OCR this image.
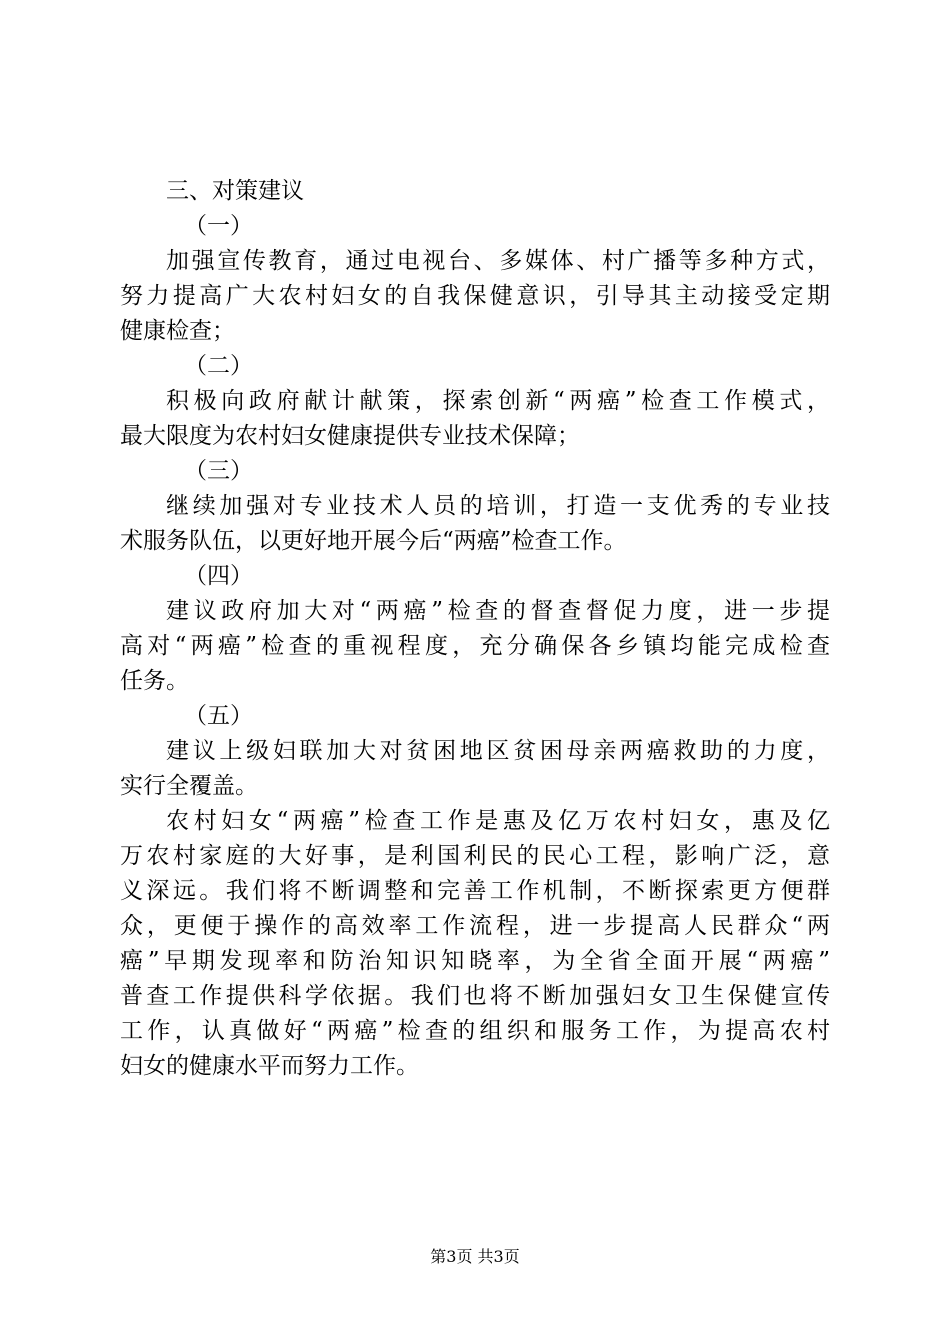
三、对策建议
（一）
加强宣传教育，通过电视台、多媒体、村广播等多种方式，
努力提高广大农村妇女的自我保健意识，引导其主动接受定期
健康检查；
（二）
积极向政府献计献策，探索创新“两癌”检查工作模式，
最大限度为农村妇女健康提供专业技术保障；
（三）
继续加强对专业技术人员的培训，打造一支优秀的专业技
术服务队伍，以更好地开展今后“两癌”检查工作。
（四）
建议政府加大对“两癌”检查的督查督促力度，进一步提
高对“两癌”检查的重视程度，充分确保各乡镇均能完成检查
任务。
（五）
建议上级妇联加大对贫困地区贫困母亲两癌救助的力度，
实行全覆盖。
农村妇女“两癌”检查工作是惠及亿万农村妇女，惠及亿
万农村家庭的大好事，是利国利民的民心工程，影响广泛，意
义深远。我们将不断调整和完善工作机制，不断探索更方便群
众，更便于操作的高效率工作流程，进一步提高人民群众“两
癌”早期发现率和防治知识知晓率，为全省全面开展“两癌”
普查工作提供科学依据。我们也将不断加强妇女卫生保健宣传
工作，认真做好“两癌”检查的组织和服务工作，为提高农村
妇女的健康水平而努力工作。
第3页 共3页
